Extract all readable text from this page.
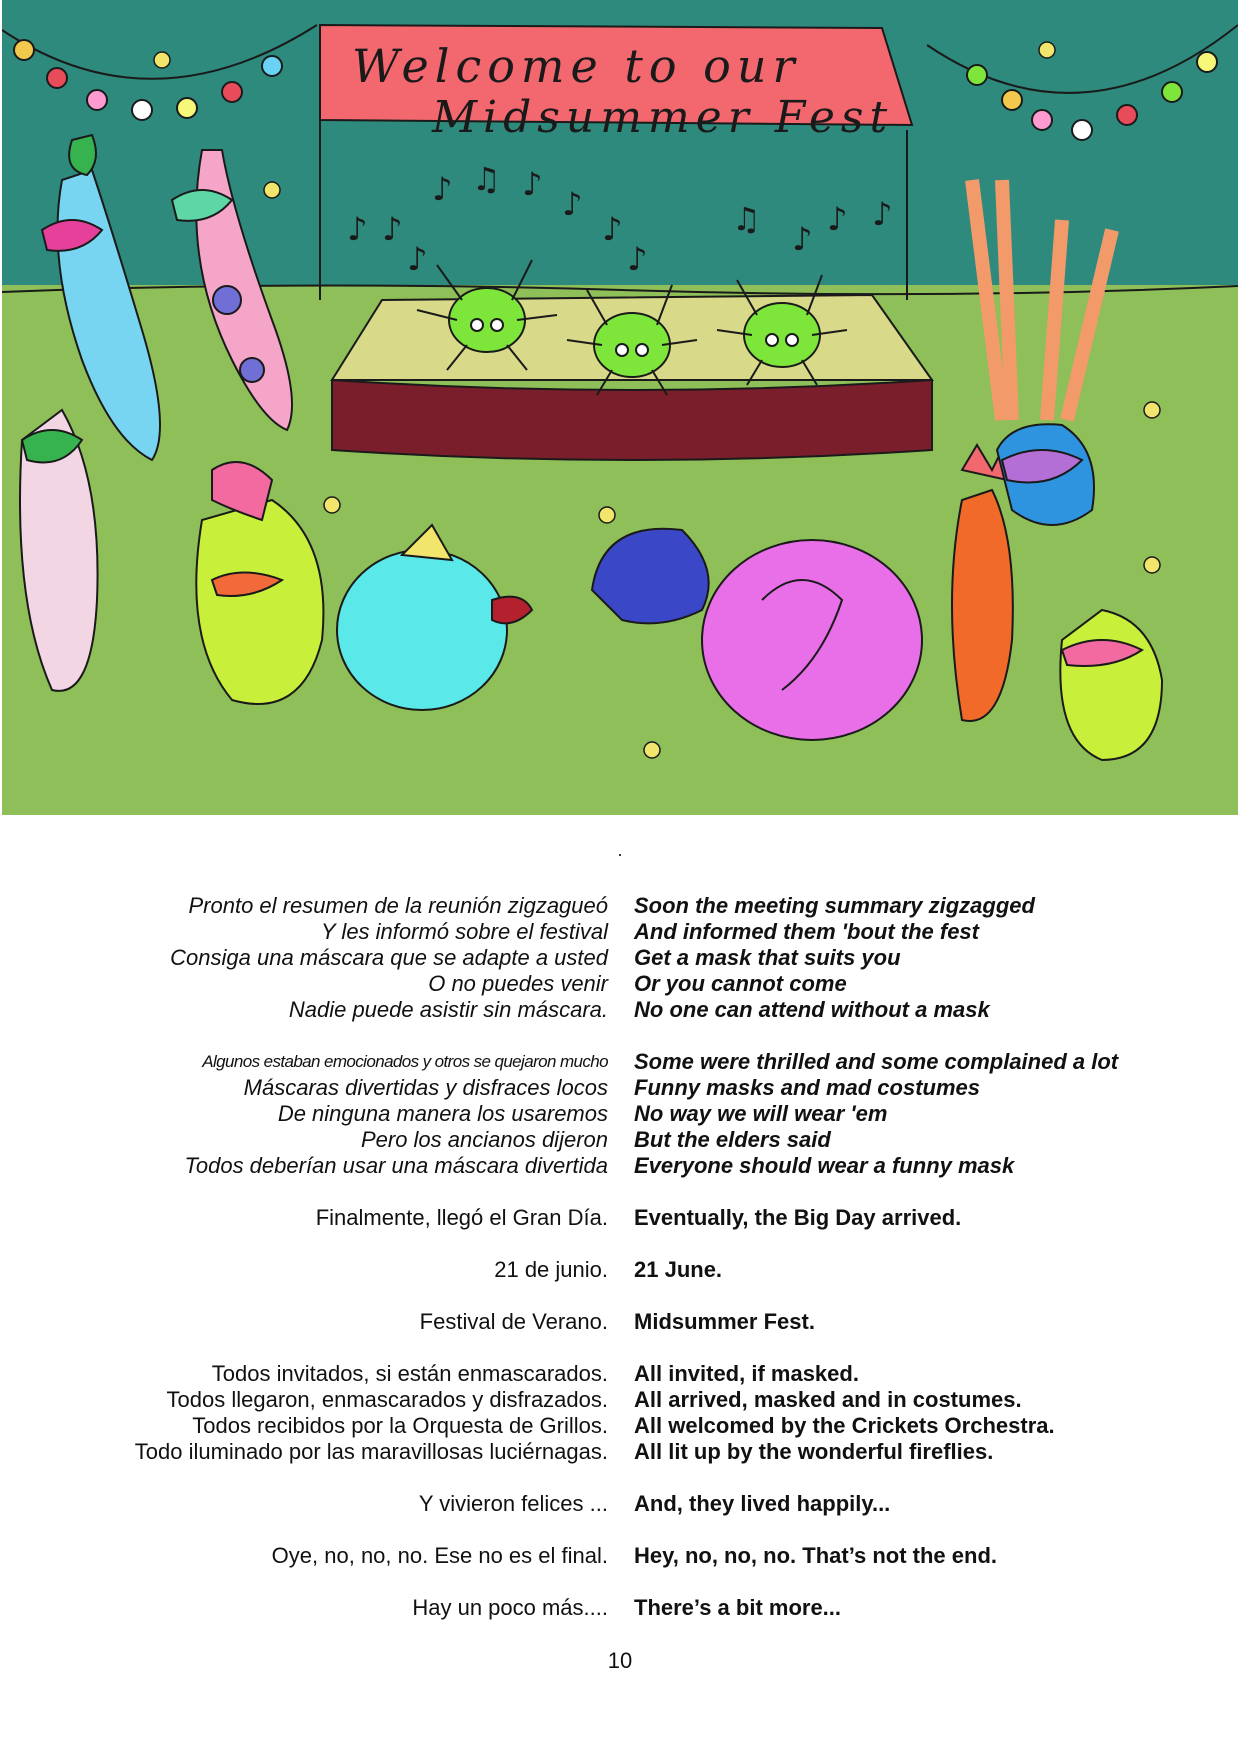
Welcome to our
Midsummer Fest
♪ ♫ ♪
♪ ♪
♪
♪
♪
♪
♫
♪
♪ ♪
.
Pronto el resumen de la reunión zigzagueó Soon the meeting summary zigzagged
Y les informó sobre el festival And informed them 'bout the fest
Consiga una máscara que se adapte a usted Get a mask that suits you
O no puedes venir Or you cannot come
Nadie puede asistir sin máscara. No one can attend without a mask
Algunos estaban emocionados y otros se quejaron mucho Some were thrilled and some complained a lot
Máscaras divertidas y disfraces locos Funny masks and mad costumes
De ninguna manera los usaremos No way we will wear 'em
Pero los ancianos dijeron But the elders said
Todos deberían usar una máscara divertida Everyone should wear a funny mask
Finalmente, llegó el Gran Día. Eventually, the Big Day arrived.
21 de junio. 21 June.
Festival de Verano. Midsummer Fest.
Todos invitados, si están enmascarados. All invited, if masked.
Todos llegaron, enmascarados y disfrazados. All arrived, masked and in costumes.
Todos recibidos por la Orquesta de Grillos. All welcomed by the Crickets Orchestra.
Todo iluminado por las maravillosas luciérnagas. All lit up by the wonderful fireflies.
Y vivieron felices ... And, they lived happily...
Oye, no, no, no. Ese no es el final. Hey, no, no, no. That’s not the end.
Hay un poco más.... There’s a bit more...
10
